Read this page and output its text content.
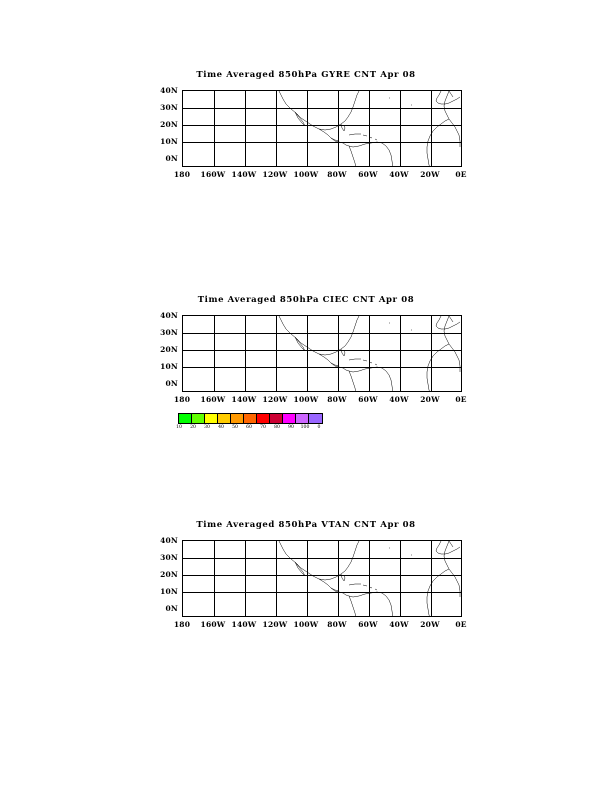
Time Averaged 850hPa GYRE CNT Apr 08
40N
30N
20N
10N
0N
180	160W 140W 120W 100W	80W	60W	40W	20W	0E
Time Averaged 850hPa CIEC CNT Apr 08
40N
30N
20N
10N
0N
180	160W 140W 120W 100W	80W	60W	40W	20W	0E
10	20	30	40	50	60	70	80	90	100	0
Time Averaged 850hPa VTAN CNT Apr 08
40N
30N
20N
10N
0N
180	160W 140W 120W 100W	80W	60W	40W	20W	0E
